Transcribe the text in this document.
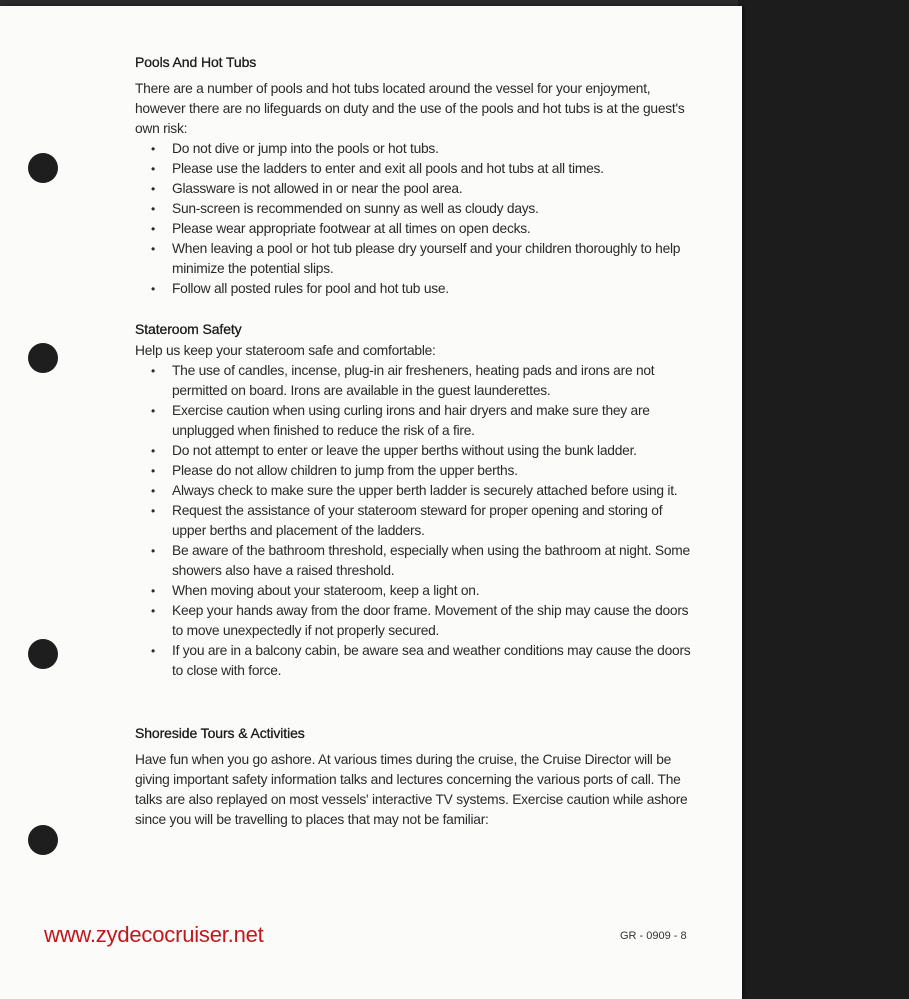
Pools And Hot Tubs

There are a number of pools and hot tubs located around the vessel for your enjoyment, however there are no lifeguards on duty and the use of the pools and hot tubs is at the guest's own risk:

• Do not dive or jump into the pools or hot tubs.
• Please use the ladders to enter and exit all pools and hot tubs at all times.
• Glassware is not allowed in or near the pool area.
• Sun-screen is recommended on sunny as well as cloudy days.
• Please wear appropriate footwear at all times on open decks.
• When leaving a pool or hot tub please dry yourself and your children thoroughly to help minimize the potential slips.
• Follow all posted rules for pool and hot tub use.
Stateroom Safety

Help us keep your stateroom safe and comfortable:

• The use of candles, incense, plug-in air fresheners, heating pads and irons are not permitted on board. Irons are available in the guest launderettes.
• Exercise caution when using curling irons and hair dryers and make sure they are unplugged when finished to reduce the risk of a fire.
• Do not attempt to enter or leave the upper berths without using the bunk ladder.
• Please do not allow children to jump from the upper berths.
• Always check to make sure the upper berth ladder is securely attached before using it.
• Request the assistance of your stateroom steward for proper opening and storing of upper berths and placement of the ladders.
• Be aware of the bathroom threshold, especially when using the bathroom at night. Some showers also have a raised threshold.
• When moving about your stateroom, keep a light on.
• Keep your hands away from the door frame. Movement of the ship may cause the doors to move unexpectedly if not properly secured.
• If you are in a balcony cabin, be aware sea and weather conditions may cause the doors to close with force.
Shoreside Tours & Activities

Have fun when you go ashore. At various times during the cruise, the Cruise Director will be giving important safety information talks and lectures concerning the various ports of call. The talks are also replayed on most vessels' interactive TV systems. Exercise caution while ashore since you will be travelling to places that may not be familiar:

www.zydecocruiser.net	GR - 0909 - 8
